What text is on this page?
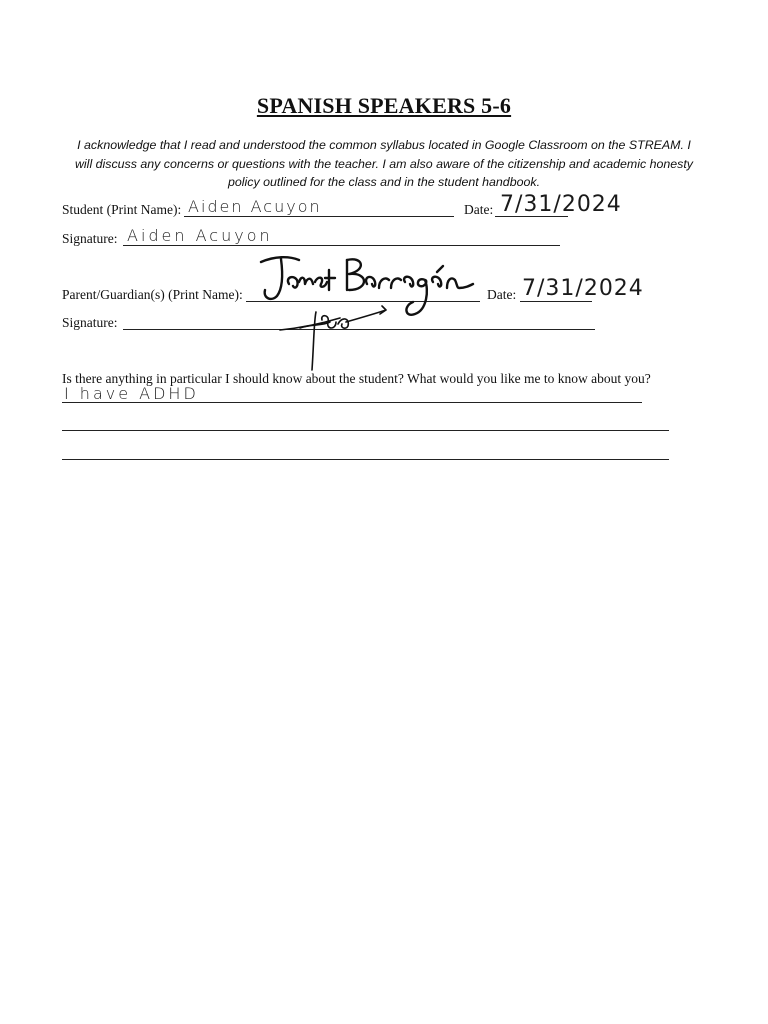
SPANISH SPEAKERS 5-6
I acknowledge that I read and understood the common syllabus located in Google Classroom on the STREAM. I will discuss any concerns or questions with the teacher. I am also aware of the citizenship and academic honesty policy outlined for the class and in the student handbook.
Student (Print Name): Aiden Acuyon	Date: 7/31/2024
Signature: Aiden Acuyon
Parent/Guardian(s) (Print Name):	Date: 7/31/2024
Signature:
Is there anything in particular I should know about the student? What would you like me to know about you?
I have ADHD
